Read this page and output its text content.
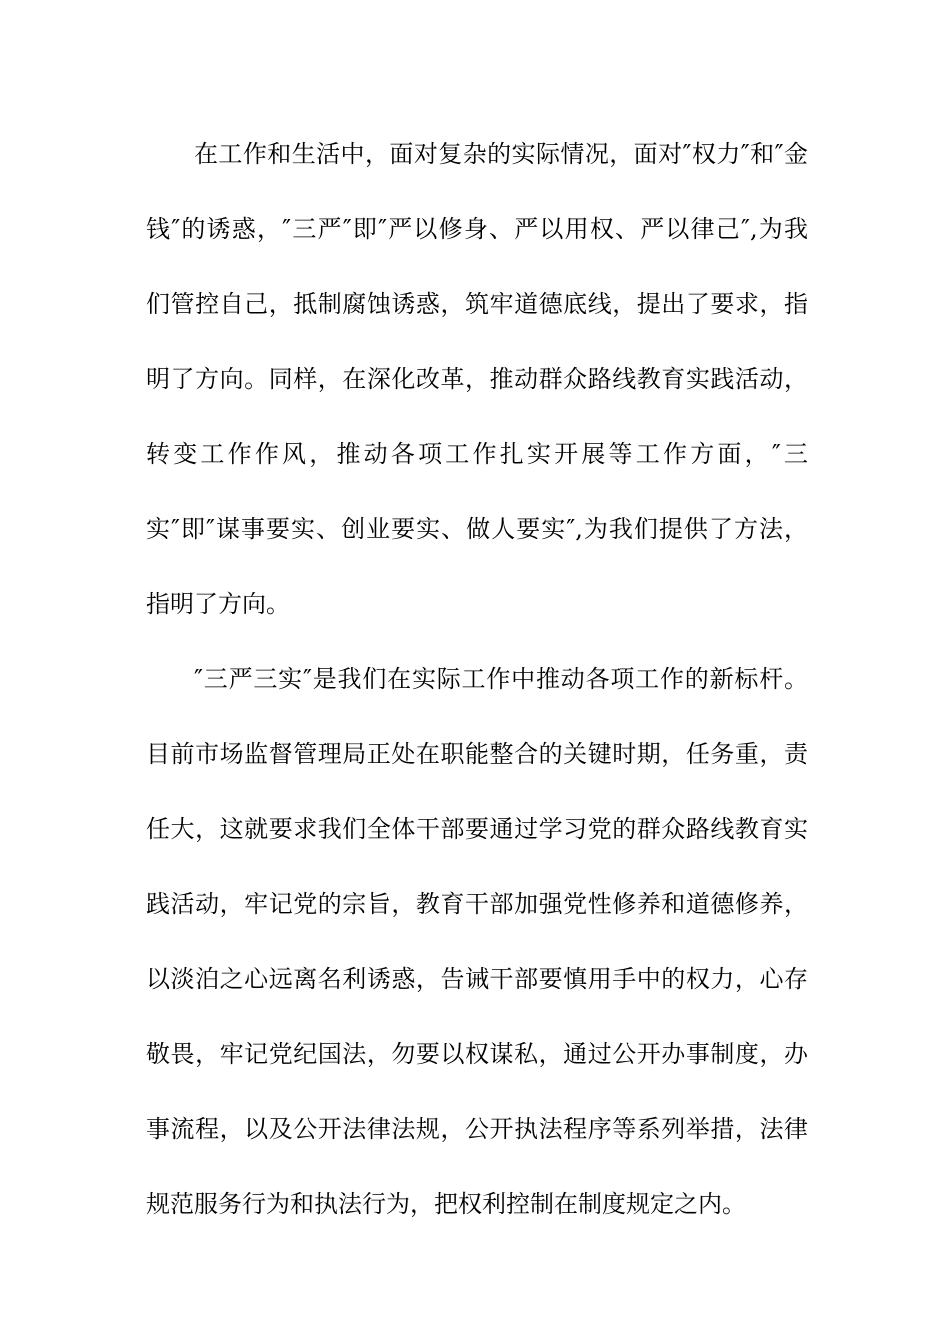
在工作和生活中，面对复杂的实际情况，面对″权力″和″金
钱″的诱惑，″三严″即″严以修身、严以用权、严以律己″,为我
们管控自己，抵制腐蚀诱惑，筑牢道德底线，提出了要求，指
明了方向。同样，在深化改革，推动群众路线教育实践活动，
转变工作作风，推动各项工作扎实开展等工作方面，″三
实″即″谋事要实、创业要实、做人要实″,为我们提供了方法，
指明了方向。
″三严三实″是我们在实际工作中推动各项工作的新标杆。
目前市场监督管理局正处在职能整合的关键时期，任务重，责
任大，这就要求我们全体干部要通过学习党的群众路线教育实
践活动，牢记党的宗旨，教育干部加强党性修养和道德修养，
以淡泊之心远离名利诱惑，告诫干部要慎用手中的权力，心存
敬畏，牢记党纪国法，勿要以权谋私，通过公开办事制度，办
事流程，以及公开法律法规，公开执法程序等系列举措，法律
规范服务行为和执法行为，把权利控制在制度规定之内。
